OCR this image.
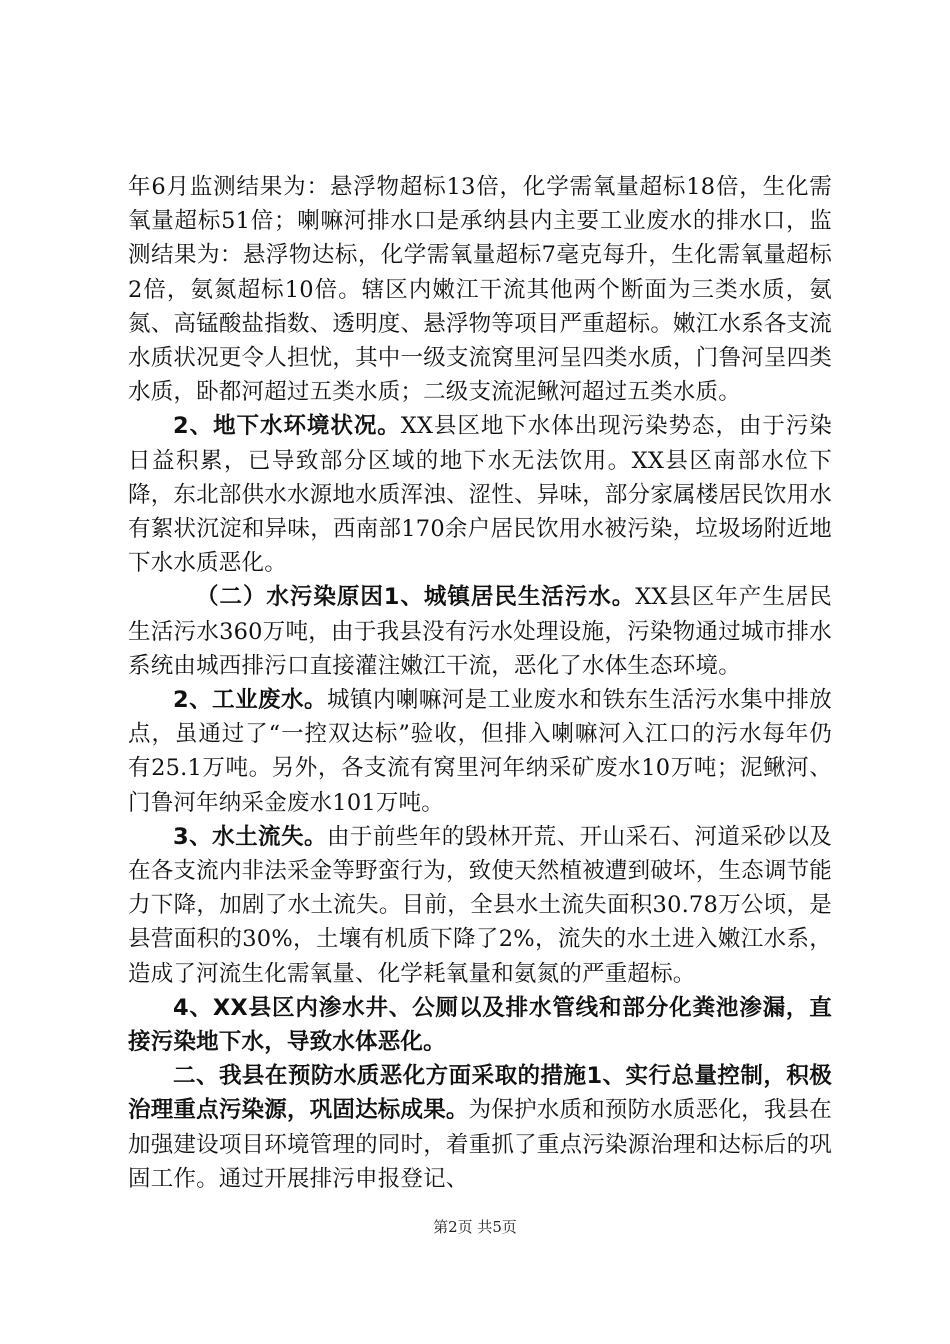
年6月监测结果为：悬浮物超标13倍，化学需氧量超标18倍，生化需氧量超标51倍；喇嘛河排水口是承纳县内主要工业废水的排水口，监测结果为：悬浮物达标，化学需氧量超标7毫克每升，生化需氧量超标2倍，氨氮超标10倍。辖区内嫩江干流其他两个断面为三类水质，氨氮、高锰酸盐指数、透明度、悬浮物等项目严重超标。嫩江水系各支流水质状况更令人担忧，其中一级支流窝里河呈四类水质，门鲁河呈四类水质，卧都河超过五类水质；二级支流泥鳅河超过五类水质。

2、地下水环境状况。XX县区地下水体出现污染势态，由于污染日益积累，已导致部分区域的地下水无法饮用。XX县区南部水位下降，东北部供水水源地水质浑浊、涩性、异味，部分家属楼居民饮用水有絮状沉淀和异味，西南部170余户居民饮用水被污染，垃圾场附近地下水水质恶化。

（二）水污染原因1、城镇居民生活污水。XX县区年产生居民生活污水360万吨，由于我县没有污水处理设施，污染物通过城市排水系统由城西排污口直接灌注嫩江干流，恶化了水体生态环境。

2、工业废水。城镇内喇嘛河是工业废水和铁东生活污水集中排放点，虽通过了“一控双达标”验收，但排入喇嘛河入江口的污水每年仍有25.1万吨。另外，各支流有窝里河年纳采矿废水10万吨；泥鳅河、门鲁河年纳采金废水101万吨。

3、水土流失。由于前些年的毁林开荒、开山采石、河道采砂以及在各支流内非法采金等野蛮行为，致使天然植被遭到破坏，生态调节能力下降，加剧了水土流失。目前，全县水土流失面积30.78万公顷，是县营面积的30%，土壤有机质下降了2%，流失的水土进入嫩江水系，造成了河流生化需氧量、化学耗氧量和氨氮的严重超标。

4、XX县区内渗水井、公厕以及排水管线和部分化粪池渗漏，直接污染地下水，导致水体恶化。

二、我县在预防水质恶化方面采取的措施1、实行总量控制，积极治理重点污染源，巩固达标成果。为保护水质和预防水质恶化，我县在加强建设项目环境管理的同时，着重抓了重点污染源治理和达标后的巩固工作。通过开展排污申报登记、

第2页 共5页
